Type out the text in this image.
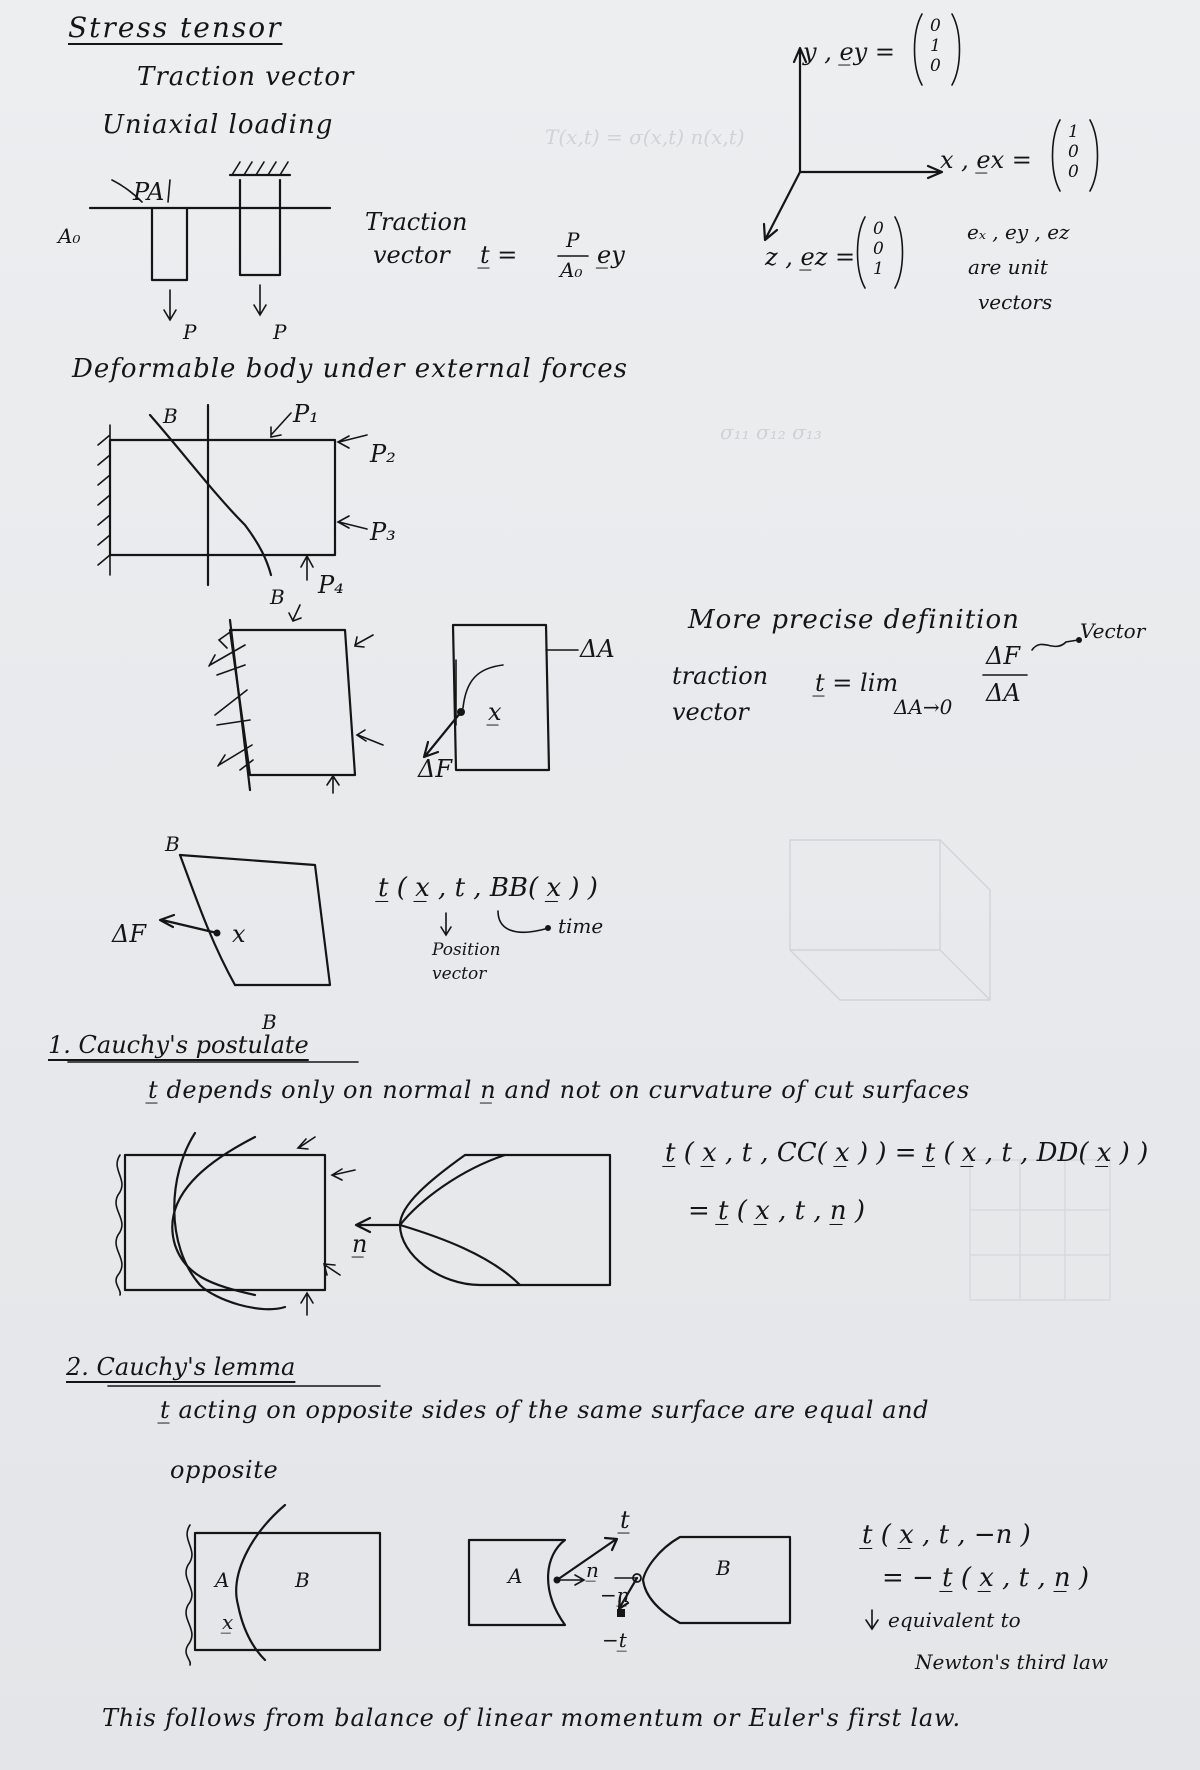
T(x,t) = σ(x,t) n(x,t)
σ₁₁ σ₁₂ σ₁₃
Stress tensor
Traction vector
Uniaxial loading
PA
A₀
P	P
Traction
vector t̲ =
P
A₀
e̲y
y , e̲y =
x , e̲x =
z , e̲z =
0
1
0
1
0
0
0
0
1
eₓ , ey , ez
are unit
vectors
Deformable body under external forces
B
B
P₁
P₂
P₃
P₄
ΔA
x̲
ΔF
More precise definition
traction
vector
t̲ = lim
ΔA→0
ΔF
ΔA
Vector
B
B
ΔF	x
t̲ ( x̲ , t , BB( x̲ ) )
Position
vector
time
1. Cauchy's postulate
t̲ depends only on normal n̲ and not on curvature of cut surfaces
n̲
t̲ ( x̲ , t , CC( x̲ ) ) = t̲ ( x̲ , t , DD( x̲ ) )
= t̲ ( x̲ , t , n̲ )
2. Cauchy's lemma
t̲ acting on opposite sides of the same surface are equal and
opposite
A	B
x̲
A	B
t̲
n̲
−n̲
−t̲
t̲ ( x̲ , t , −n )
= − t̲ ( x̲ , t , n̲ )
equivalent to
Newton's third law
This follows from balance of linear momentum or Euler's first law.
